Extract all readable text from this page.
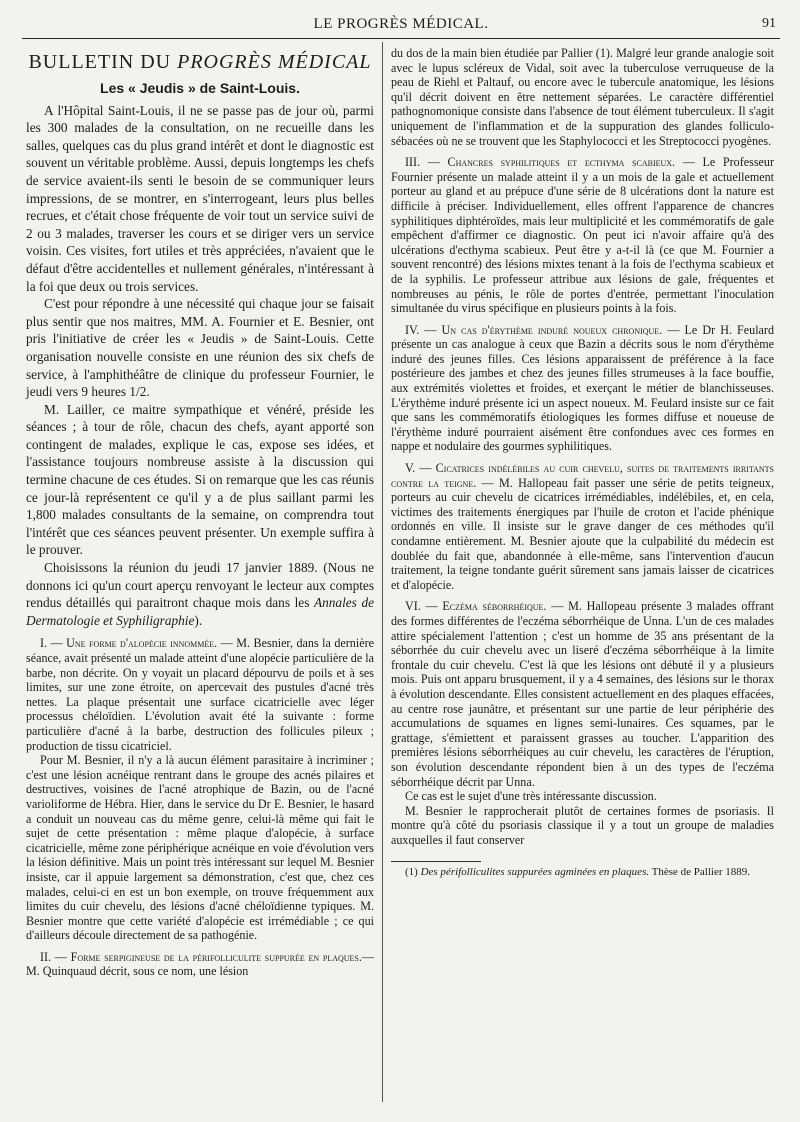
LE PROGRÈS MÉDICAL.	91
BULLETIN DU PROGRÈS MÉDICAL
Les « Jeudis » de Saint-Louis.

A l'Hôpital Saint-Louis, il ne se passe pas de jour où, parmi les 300 malades de la consultation, on ne recueille dans les salles, quelques cas du plus grand intérêt et dont le diagnostic est souvent un véritable problème. Aussi, depuis longtemps les chefs de service avaient-ils senti le besoin de se communiquer leurs impressions, de se montrer, en s'interrogeant, leurs plus belles recrues, et c'était chose fréquente de voir tout un service suivi de 2 ou 3 malades, traverser les cours et se diriger vers un service voisin. Ces visites, fort utiles et très appréciées, n'avaient que le défaut d'être accidentelles et nullement générales, n'intéressant à la foi que deux ou trois services.

C'est pour répondre à une nécessité qui chaque jour se faisait plus sentir que nos maitres, MM. A. Fournier et E. Besnier, ont pris l'initiative de créer les « Jeudis » de Saint-Louis. Cette organisation nouvelle consiste en une réunion des six chefs de service, à l'amphithéâtre de clinique du professeur Fournier, le jeudi vers 9 heures 1/2.

M. Lailler, ce maitre sympathique et vénéré, préside les séances ; à tour de rôle, chacun des chefs, ayant apporté son contingent de malades, explique le cas, expose ses idées, et l'assistance toujours nombreuse assiste à la discussion qui termine chacune de ces études. Si on remarque que les cas réunis ce jour-là représentent ce qu'il y a de plus saillant parmi les 1,800 malades consultants de la semaine, on comprendra tout l'intérêt que ces séances peuvent présenter. Un exemple suffira à le prouver.

Choisissons la réunion du jeudi 17 janvier 1889. (Nous ne donnons ici qu'un court aperçu renvoyant le lecteur aux comptes rendus détaillés qui paraitront chaque mois dans les Annales de Dermatologie et Syphiligraphie).

I. — Une forme d'alopécie innommée. — M. Besnier, dans la dernière séance, avait présenté un malade atteint d'une alopécie particulière de la barbe, non décrite. On y voyait un placard dépourvu de poils et à ses limites, sur une zone étroite, on apercevait des pustules d'acné très nettes. La plaque présentait une surface cicatricielle avec léger processus chéloïdien. L'évolution avait été la suivante : forme particulière d'acné à la barbe, destruction des follicules pileux ; production de tissu cicatriciel.

Pour M. Besnier, il n'y a là aucun élément parasitaire à incriminer ; c'est une lésion acnéique rentrant dans le groupe des acnés pilaires et destructives, voisines de l'acné atrophique de Bazin, ou de l'acné varioliforme de Hébra. Hier, dans le service du Dr E. Besnier, le hasard a conduit un nouveau cas du même genre, celui-là même qui fait le sujet de cette présentation : même plaque d'alopécie, à surface cicatricielle, même zone périphérique acnéique en voie d'évolution vers la lésion définitive. Mais un point très intéressant sur lequel M. Besnier insiste, car il appuie largement sa démonstration, c'est que, chez ces malades, celui-ci en est un bon exemple, on trouve fréquemment aux limites du cuir chevelu, des lésions d'acné chéloïdienne typiques. M. Besnier montre que cette variété d'alopécie est irrémédiable ; ce qui d'ailleurs découle directement de sa pathogénie.

II. — Forme serpigineuse de la périfolliculite suppurée en plaques.— M. Quinquaud décrit, sous ce nom, une lésion

du dos de la main bien étudiée par Pallier (1). Malgré leur grande analogie soit avec le lupus scléreux de Vidal, soit avec la tuberculose verruqueuse de la peau de Riehl et Paltauf, ou encore avec le tubercule anatomique, les lésions qu'il décrit doivent en être nettement séparées. Le caractère différentiel pathognomonique consiste dans l'absence de tout élément tuberculeux. Il s'agit uniquement de l'inflammation et de la suppuration des glandes folliculo-sébacées où ne se trouvent que les Staphylococci et les Streptococci pyogènes.

III. — Chancres syphilitiques et ecthyma scabieux. — Le Professeur Fournier présente un malade atteint il y a un mois de la gale et actuellement porteur au gland et au prépuce d'une série de 8 ulcérations dont la nature est difficile à préciser. Individuellement, elles offrent l'apparence de chancres syphilitiques diphtéroïdes, mais leur multiplicité et les commémoratifs de gale empêchent d'affirmer ce diagnostic. On peut ici n'avoir affaire qu'à des ulcérations d'ecthyma scabieux. Peut être y a-t-il là (ce que M. Fournier a souvent rencontré) des lésions mixtes tenant à la fois de l'ecthyma scabieux et de la syphilis. Le professeur attribue aux lésions de gale, fréquentes et nombreuses au pénis, le rôle de portes d'entrée, permettant l'inoculation simultanée du virus spécifique en plusieurs points à la fois.

IV. — Un cas d'érythème induré noueux chronique. — Le Dr H. Feulard présente un cas analogue à ceux que Bazin a décrits sous le nom d'érythème induré des jeunes filles. Ces lésions apparaissent de préférence à la face postérieure des jambes et chez des jeunes filles strumeuses à la face bouffie, aux extrémités violettes et froides, et exerçant le métier de blanchisseuses. L'érythème induré présente ici un aspect noueux. M. Feulard insiste sur ce fait que sans les commémoratifs étiologiques les formes diffuse et noueuse de l'érythème induré pourraient aisément être confondues avec ces formes en nappe et nodulaire des gourmes syphilitiques.

V. — Cicatrices indélébiles au cuir chevelu, suites de traitements irritants contre la teigne. — M. Hallopeau fait passer une série de petits teigneux, porteurs au cuir chevelu de cicatrices irrémédiables, indélébiles, et, en cela, victimes des traitements énergiques par l'huile de croton et l'acide phénique ordonnés en ville. Il insiste sur le grave danger de ces méthodes qu'il condamne entièrement. M. Besnier ajoute que la culpabilité du médecin est doublée du fait que, abandonnée à elle-même, sans l'intervention d'aucun traitement, la teigne tondante guérit sûrement sans jamais laisser de cicatrices et d'alopécie.

VI. — Eczéma séborrhéique. — M. Hallopeau présente 3 malades offrant des formes différentes de l'eczéma séborrhéique de Unna. L'un de ces malades attire spécialement l'attention ; c'est un homme de 35 ans présentant de la séborrhée du cuir chevelu avec un liseré d'eczéma séborrhéique à la limite frontale du cuir chevelu. C'est là que les lésions ont débuté il y a plusieurs mois. Puis ont apparu brusquement, il y a 4 semaines, des lésions sur le thorax à évolution descendante. Elles consistent actuellement en des plaques effacées, au centre rose jaunâtre, et présentant sur une partie de leur périphérie des accumulations de squames en lignes semi-lunaires. Ces squames, par le grattage, s'émiettent et paraissent grasses au toucher. L'apparition des premières lésions séborrhéiques au cuir chevelu, les caractères de l'éruption, son évolution descendante répondent bien à un des types de l'eczéma séborrhéique décrit par Unna.

Ce cas est le sujet d'une très intéressante discussion.

M. Besnier le rapprocherait plutôt de certaines formes de psoriasis. Il montre qu'à côté du psoriasis classique il y a tout un groupe de maladies auxquelles il faut conserver

(1) Des périfolliculites suppurées agminées en plaques. Thèse de Pallier 1889.
